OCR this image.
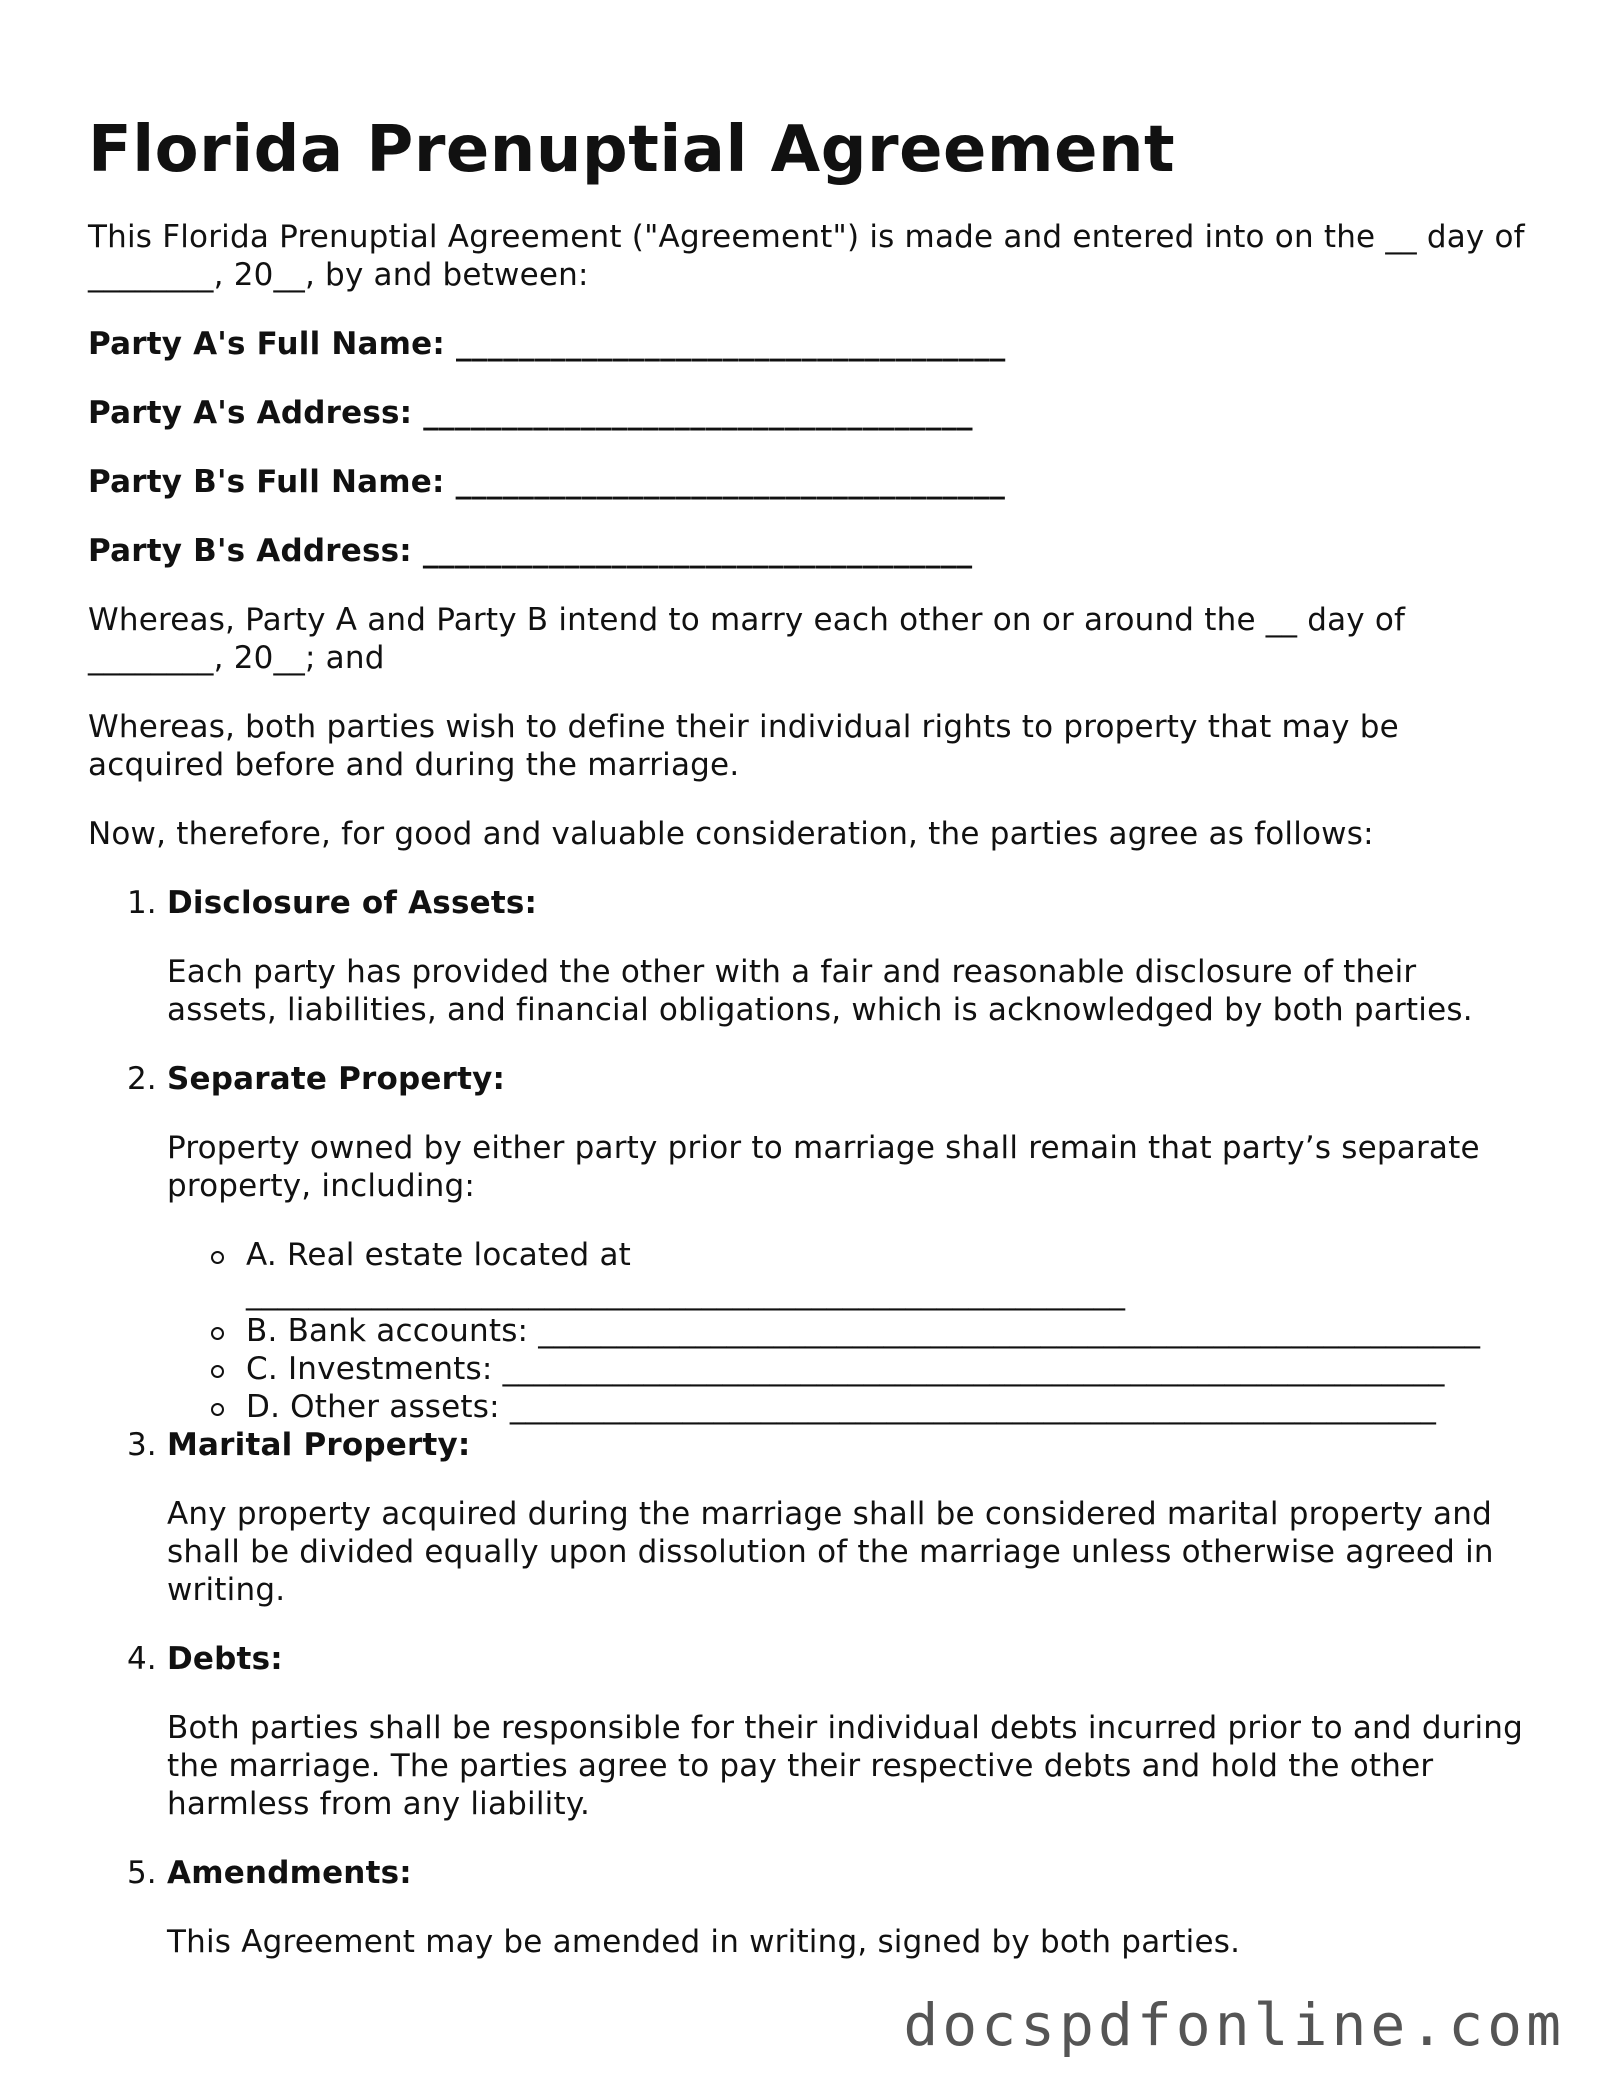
Florida Prenuptial Agreement

This Florida Prenuptial Agreement ("Agreement") is made and entered into on the __ day of ________, 20__, by and between:

Party A's Full Name: ___________________________________

Party A's Address: ___________________________________

Party B's Full Name: ___________________________________

Party B's Address: ___________________________________

Whereas, Party A and Party B intend to marry each other on or around the __ day of ________, 20__; and

Whereas, both parties wish to define their individual rights to property that may be acquired before and during the marriage.

Now, therefore, for good and valuable consideration, the parties agree as follows:

1. Disclosure of Assets:

Each party has provided the other with a fair and reasonable disclosure of their assets, liabilities, and financial obligations, which is acknowledged by both parties.

2. Separate Property:

Property owned by either party prior to marriage shall remain that party’s separate property, including:

A. Real estate located at ________________________________________________________
B. Bank accounts: ____________________________________________________________
C. Investments: ____________________________________________________________
D. Other assets: ___________________________________________________________
3. Marital Property:

Any property acquired during the marriage shall be considered marital property and shall be divided equally upon dissolution of the marriage unless otherwise agreed in writing.

4. Debts:

Both parties shall be responsible for their individual debts incurred prior to and during the marriage. The parties agree to pay their respective debts and hold the other harmless from any liability.

5. Amendments:

This Agreement may be amended in writing, signed by both parties.

docspdfonline.com
